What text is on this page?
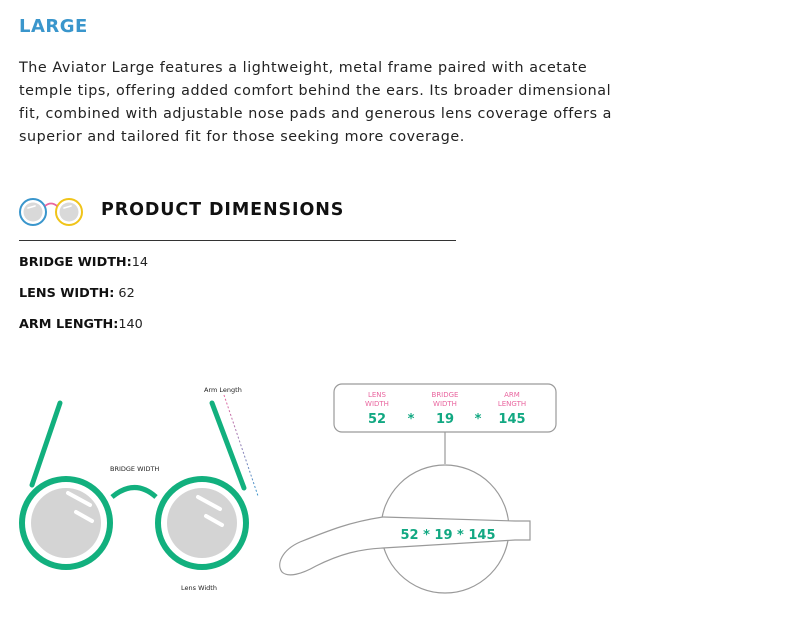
LARGE

The Aviator Large features a lightweight, metal frame paired with acetate temple tips, offering added comfort behind the ears. Its broader dimensional fit, combined with adjustable nose pads and generous lens coverage offers a superior and tailored fit for those seeking more coverage.

PRODUCT DIMENSIONS
BRIDGE WIDTH:14
LENS WIDTH: 62
ARM LENGTH:140
Arm Length
BRIDGE WIDTH
Lens Width
LENS
WIDTH
BRIDGE
WIDTH
ARM
LENGTH
52 * 19 * 145
52 * 19 * 145
